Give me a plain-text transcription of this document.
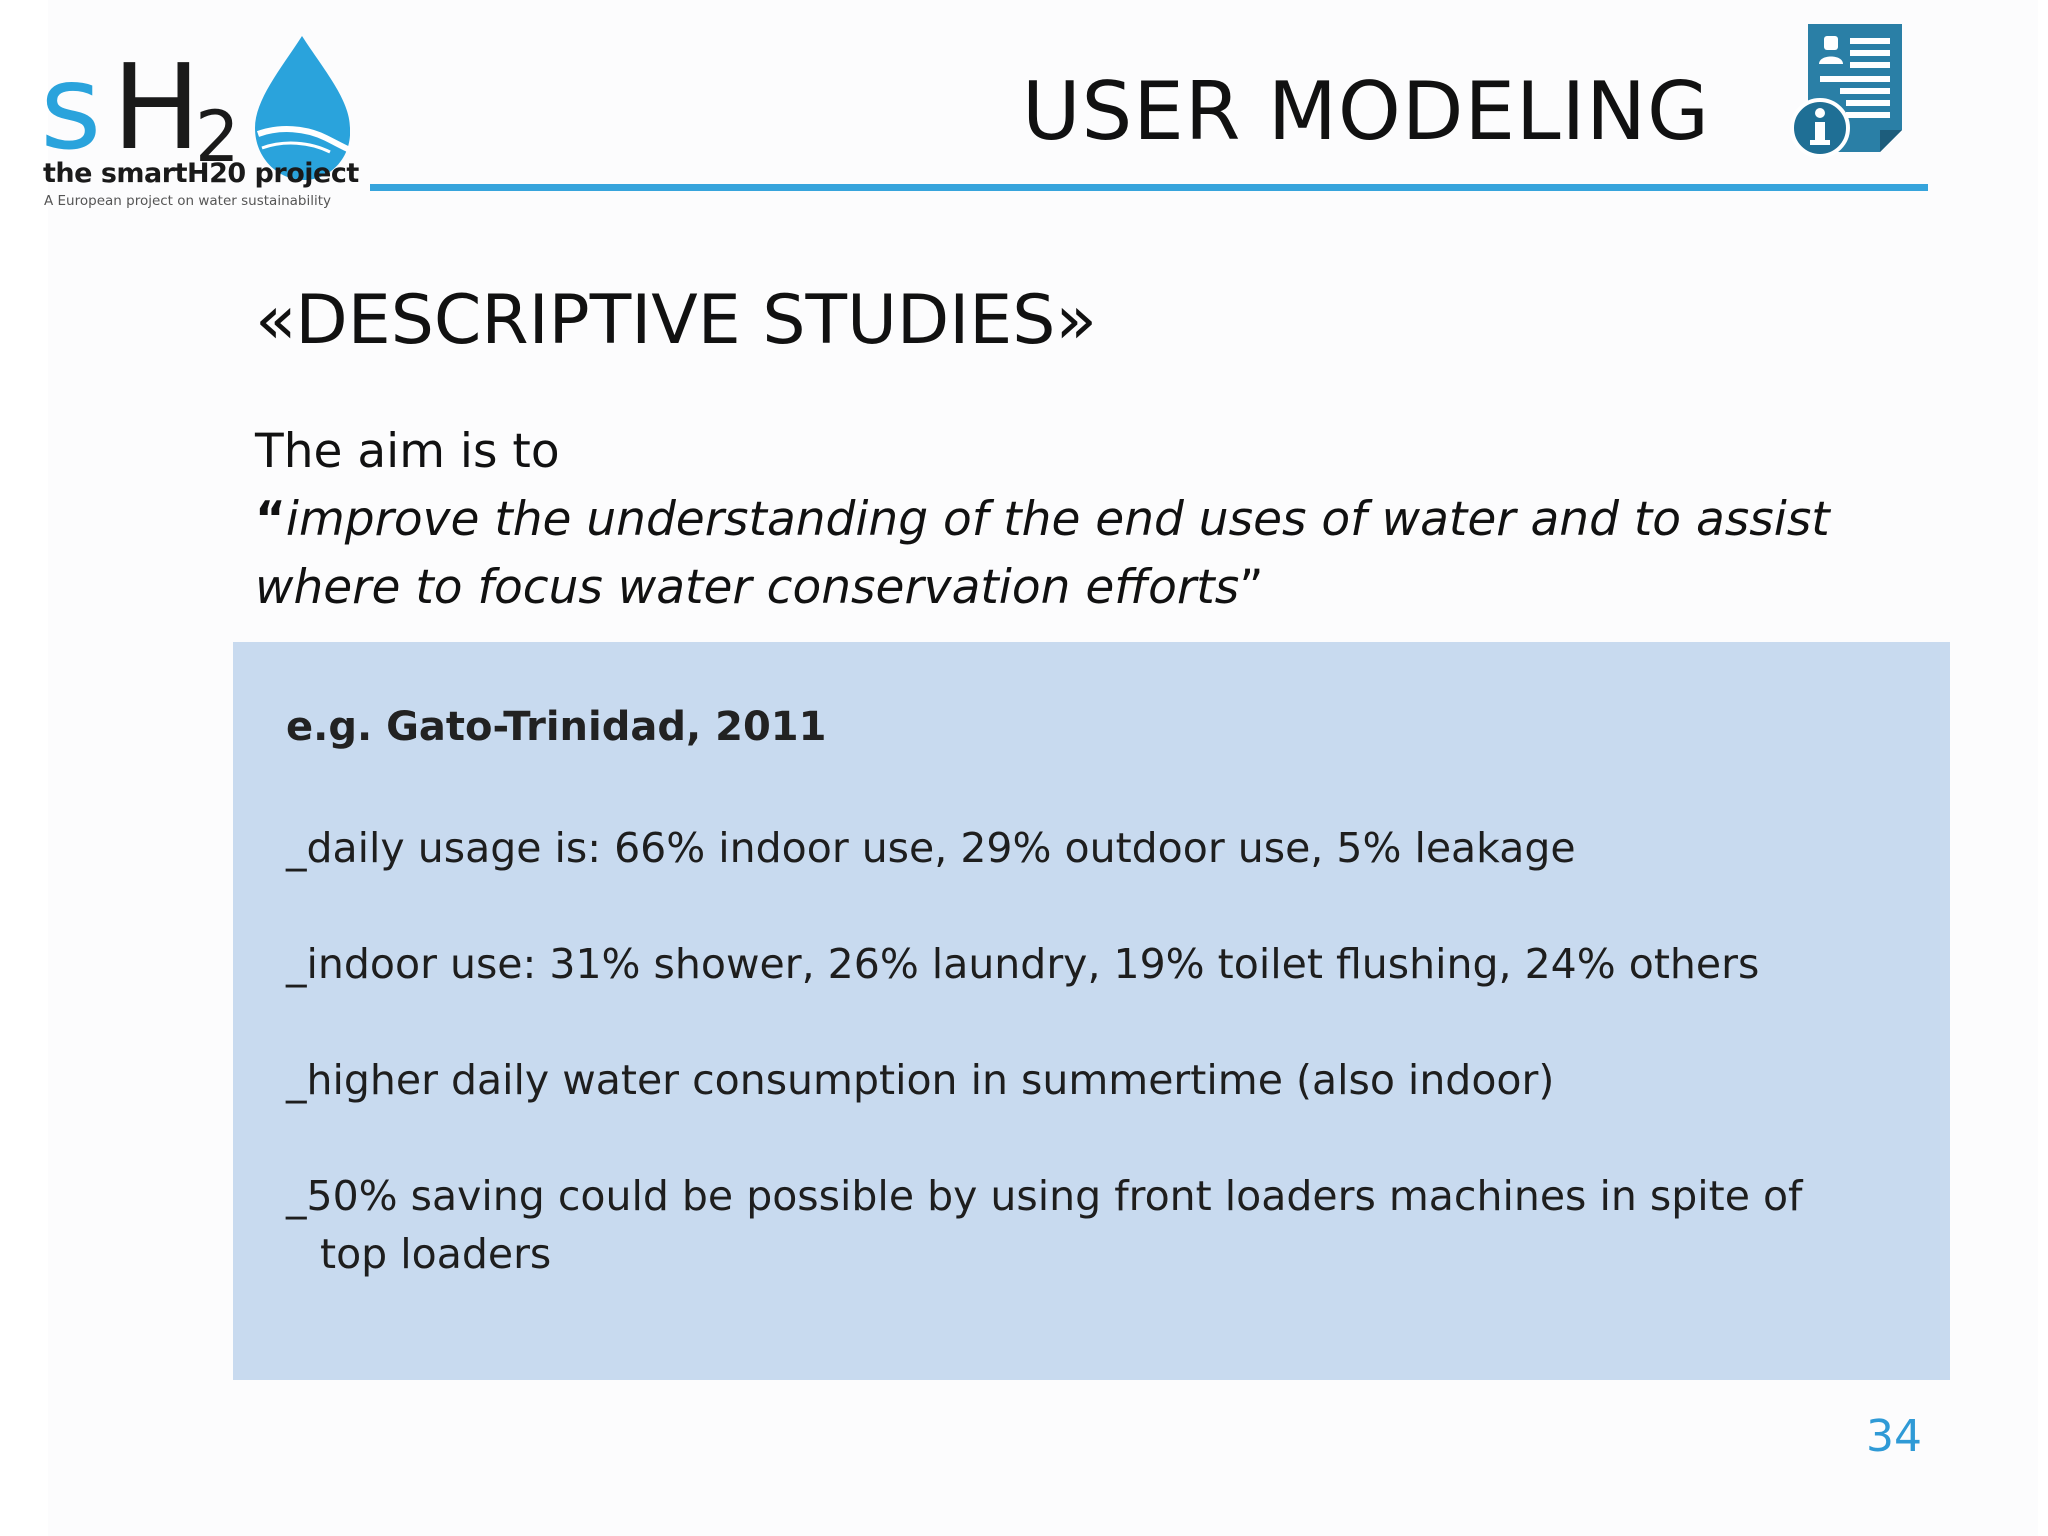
s H
2
the smartH20 project
A European project on water sustainability
USER MODELING
«DESCRIPTIVE STUDIES»
The aim is to
“improve the understanding of the end uses of water and to assist
where to focus water conservation efforts”
e.g. Gato-Trinidad, 2011
_daily usage is: 66% indoor use, 29% outdoor use, 5% leakage
_indoor use: 31% shower, 26% laundry, 19% toilet flushing, 24% others
_higher daily water consumption in summertime (also indoor)
_50% saving could be possible by using front loaders machines in spite of
top loaders
34
